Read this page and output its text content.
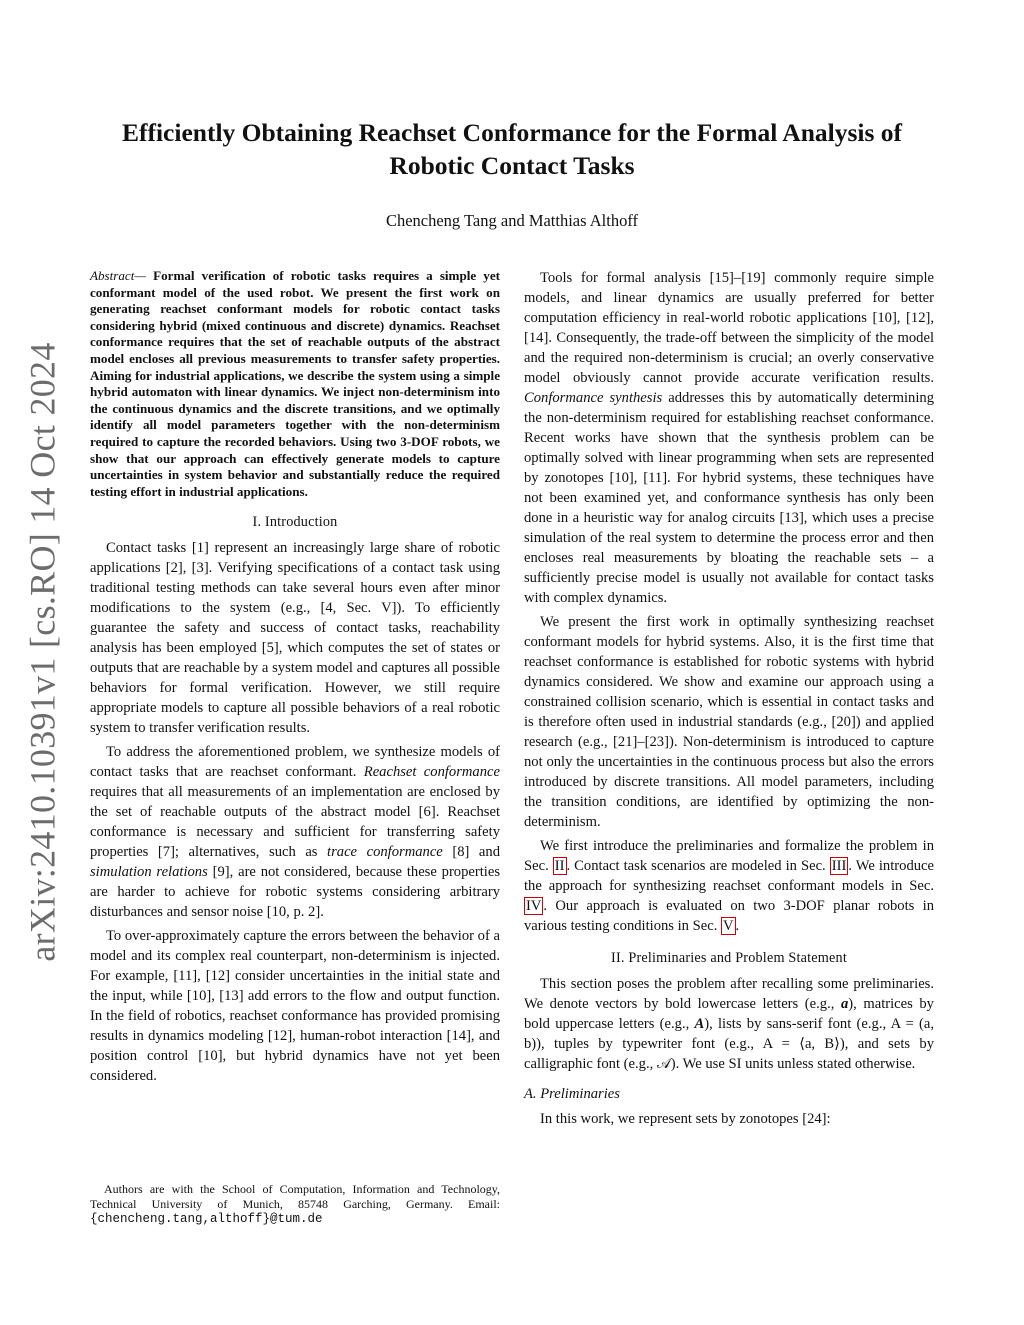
arXiv:2410.10391v1 [cs.RO] 14 Oct 2024
Efficiently Obtaining Reachset Conformance for the Formal Analysis of Robotic Contact Tasks
Chencheng Tang and Matthias Althoff

Abstract— Formal verification of robotic tasks requires a simple yet conformant model of the used robot. We present the first work on generating reachset conformant models for robotic contact tasks considering hybrid (mixed continuous and discrete) dynamics. Reachset conformance requires that the set of reachable outputs of the abstract model encloses all previous measurements to transfer safety properties. Aiming for industrial applications, we describe the system using a simple hybrid automaton with linear dynamics. We inject non-determinism into the continuous dynamics and the discrete transitions, and we optimally identify all model parameters together with the non-determinism required to capture the recorded behaviors. Using two 3-DOF robots, we show that our approach can effectively generate models to capture uncertainties in system behavior and substantially reduce the required testing effort in industrial applications.

I. Introduction

Contact tasks [1] represent an increasingly large share of robotic applications [2], [3]. Verifying specifications of a contact task using traditional testing methods can take several hours even after minor modifications to the system (e.g., [4, Sec. V]). To efficiently guarantee the safety and success of contact tasks, reachability analysis has been employed [5], which computes the set of states or outputs that are reachable by a system model and captures all possible behaviors for formal verification. However, we still require appropriate models to capture all possible behaviors of a real robotic system to transfer verification results.

To address the aforementioned problem, we synthesize models of contact tasks that are reachset conformant. Reachset conformance requires that all measurements of an implementation are enclosed by the set of reachable outputs of the abstract model [6]. Reachset conformance is necessary and sufficient for transferring safety properties [7]; alternatives, such as trace conformance [8] and simulation relations [9], are not considered, because these properties are harder to achieve for robotic systems considering arbitrary disturbances and sensor noise [10, p. 2].

To over-approximately capture the errors between the behavior of a model and its complex real counterpart, non-determinism is injected. For example, [11], [12] consider uncertainties in the initial state and the input, while [10], [13] add errors to the flow and output function. In the field of robotics, reachset conformance has provided promising results in dynamics modeling [12], human-robot interaction [14], and position control [10], but hybrid dynamics have not yet been considered.

Authors are with the School of Computation, Information and Technology, Technical University of Munich, 85748 Garching, Germany. Email: {chencheng.tang,althoff}@tum.de

Tools for formal analysis [15]–[19] commonly require simple models, and linear dynamics are usually preferred for better computation efficiency in real-world robotic applications [10], [12], [14]. Consequently, the trade-off between the simplicity of the model and the required non-determinism is crucial; an overly conservative model obviously cannot provide accurate verification results. Conformance synthesis addresses this by automatically determining the non-determinism required for establishing reachset conformance. Recent works have shown that the synthesis problem can be optimally solved with linear programming when sets are represented by zonotopes [10], [11]. For hybrid systems, these techniques have not been examined yet, and conformance synthesis has only been done in a heuristic way for analog circuits [13], which uses a precise simulation of the real system to determine the process error and then encloses real measurements by bloating the reachable sets – a sufficiently precise model is usually not available for contact tasks with complex dynamics.

We present the first work in optimally synthesizing reachset conformant models for hybrid systems. Also, it is the first time that reachset conformance is established for robotic systems with hybrid dynamics considered. We show and examine our approach using a constrained collision scenario, which is essential in contact tasks and is therefore often used in industrial standards (e.g., [20]) and applied research (e.g., [21]–[23]). Non-determinism is introduced to capture not only the uncertainties in the continuous process but also the errors introduced by discrete transitions. All model parameters, including the transition conditions, are identified by optimizing the non-determinism.

We first introduce the preliminaries and formalize the problem in Sec. II . Contact task scenarios are modeled in Sec. III . We introduce the approach for synthesizing reachset conformant models in Sec. IV . Our approach is evaluated on two 3-DOF planar robots in various testing conditions in Sec. V .

II. Preliminaries and Problem Statement

This section poses the problem after recalling some preliminaries. We denote vectors by bold lowercase letters (e.g., a), matrices by bold uppercase letters (e.g., A), lists by sans-serif font (e.g., A = (a, b)), tuples by typewriter font (e.g., A = ⟨a, B⟩), and sets by calligraphic font (e.g., 𝒜). We use SI units unless stated otherwise.

A. Preliminaries

In this work, we represent sets by zonotopes [24]:
